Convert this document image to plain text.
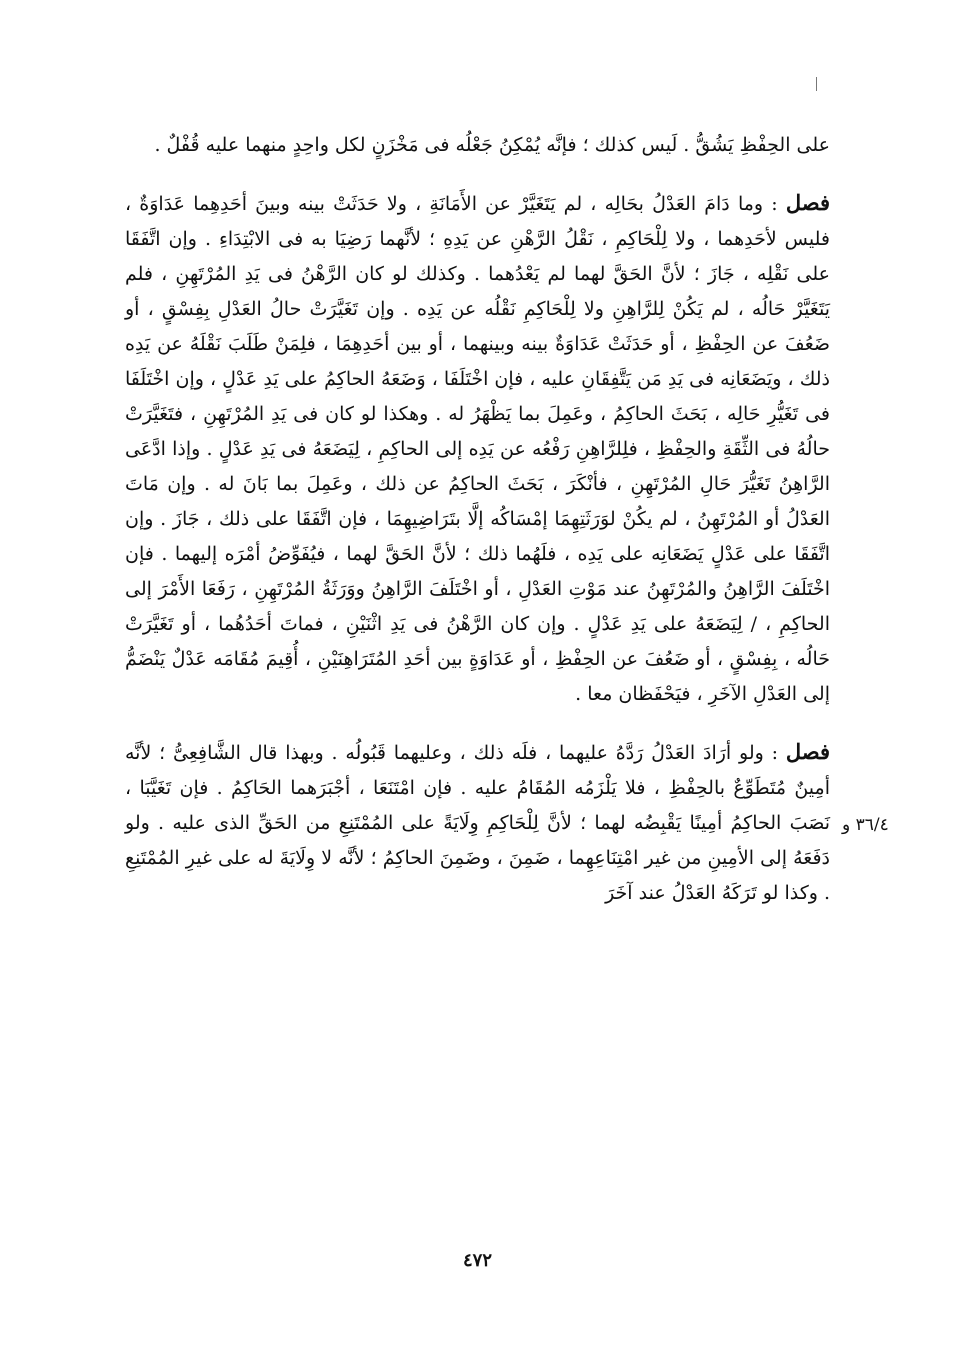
على الحِفْظِ يَشُقُّ . لَيس كذلك ؛ فإنَّه يُمْكِنُ جَعْلُه فى مَخْزَنٍ لكل واحِدٍ منهما عليه قُفْلٌ .

فصل : وما دَامَ العَدْلُ بحَالِه ، لم يَتَغَيَّرْ عن الأَمَانَةِ ، ولا حَدَثَتْ بينه وبينَ أحَدِهِما عَدَاوَةٌ ، فليس لأحَدِهما ، ولا لِلْحَاكِمِ ، نَقْلُ الرَّهْنِ عن يَدِهِ ؛ لأنَّهما رَضِيَا به فى الابْتِدَاءِ . وإن اتَّفَقَا على نَقْلِه ، جَازَ ؛ لأنَّ الحَقَّ لهما لم يَعْدُهما . وكذلك لو كان الرَّهْنُ فى يَدِ المُرْتَهِنِ ، فلم يَتَغَيَّرْ حَالُه ، لم يَكُنْ لِلرَّاهِنِ ولا لِلْحَاكِمِ نَقْلُه عن يَدِه . وإن تَغَيَّرَتْ حالُ العَدْلِ بِفِسْقٍ ، أو ضَعُفَ عن الحِفْظِ ، أو حَدَثَتْ عَدَاوَةٌ بينه وبينهما ، أو بين أحَدِهِمَا ، فلِمَنْ طَلَبَ نَقْلَهُ عن يَدِه ذلك ، ويَضَعَانِه فى يَدِ مَن يَتَّفِقَانِ عليه ، فإن اخْتَلَفَا ، وَضَعَهُ الحاكِمُ على يَدِ عَدْلٍ ، وإن اخْتَلَفَا فى تَغَيُّرِ حَالِه ، بَحَثَ الحاكِمُ ، وعَمِلَ بما يَظْهَرُ له . وهكذا لو كان فى يَدِ المُرْتَهِنِ ، فتَغَيَّرَتْ حالُهُ فى الثِّقَةِ والحِفْظِ ، فلِلرَّاهِنِ رَفْعُه عن يَدِه إلى الحاكِمِ ، لِيَضَعَهُ فى يَدِ عَدْلٍ . وإذا ادَّعَى الرَّاهِنُ تَغَيُّرَ حَالِ المُرْتَهِنِ ، فأنْكَرَ ، بَحَثَ الحاكِمُ عن ذلك ، وعَمِلَ بما بَانَ له . وإن مَاتَ العَدْلُ أو المُرْتَهِنُ ، لم يكُنْ لوَرَثَتِهِمَا إمْسَاكُه إلَّا بتَرَاضِيهِمَا ، فإن اتَّفَقَا على ذلك ، جَازَ . وإن اتَّفَقَا على عَدْلٍ يَضَعَانِه على يَدِه ، فلَهُما ذلك ؛ لأنَّ الحَقَّ لهما ، فيُفَوِّضُ أمْرَه إليهما . فإن اخْتَلَفَ الرَّاهِنُ والمُرْتَهِنُ عند مَوْتِ العَدْلِ ، أو اخْتَلَفَ الرَّاهِنُ ووَرَثَةُ المُرْتَهِنِ ، رَفَعَا الأَمْرَ إلى الحاكِمِ ، / لِيَضَعَهُ على يَدِ عَدْلٍ . وإن كان الرَّهْنُ فى يَدِ اثْنَيْنِ ، فماتَ أحَدُهُما ، أو تَغَيَّرَتْ حَالُه ، بِفِسْقٍ ، أو ضَعُفَ عن الحِفْظِ ، أو عَدَاوَةٍ بين أحَدِ المُتَرَاهِنَيْنِ ، أُقِيمَ مُقَامَه عَدْلٌ يَنْضَمُّ إلى العَدْلِ الآخَرِ ، فيَحْفَظان معا .

فصل : ولو أرَادَ العَدْلُ رَدَّهُ عليهما ، فلَه ذلك ، وعليهما قَبُولُه . وبهذا قال الشَّافِعِىُّ ؛ لأنَّه أمِينٌ مُتَطَوِّعٌ بالحِفْظِ ، فلا يَلْزَمُه المُقَامُ عليه . فإن امْتَنَعَا ، أجْبَرَهما الحَاكِمُ . فإن تَغَيَّبَا ، نَصَبَ الحاكِمُ أمِينًا يَقْبِضُه لهما ؛ لأنَّ لِلْحَاكِمِ وِلَايَةً على المُمْتَنِعِ من الحَقِّ الذى عليه . ولو دَفَعَهُ إلى الأمِينِ من غير امْتِنَاعِهِما ، ضَمِنَ ، وضَمِنَ الحاكِمُ ؛ لأنَّه لا وِلَايَةَ له على غيرِ المُمْتَنِعِ . وكذا لو تَرَكَهُ العَدْلُ عند آخَرَ

٣٦/٤ و
٤٧٢
